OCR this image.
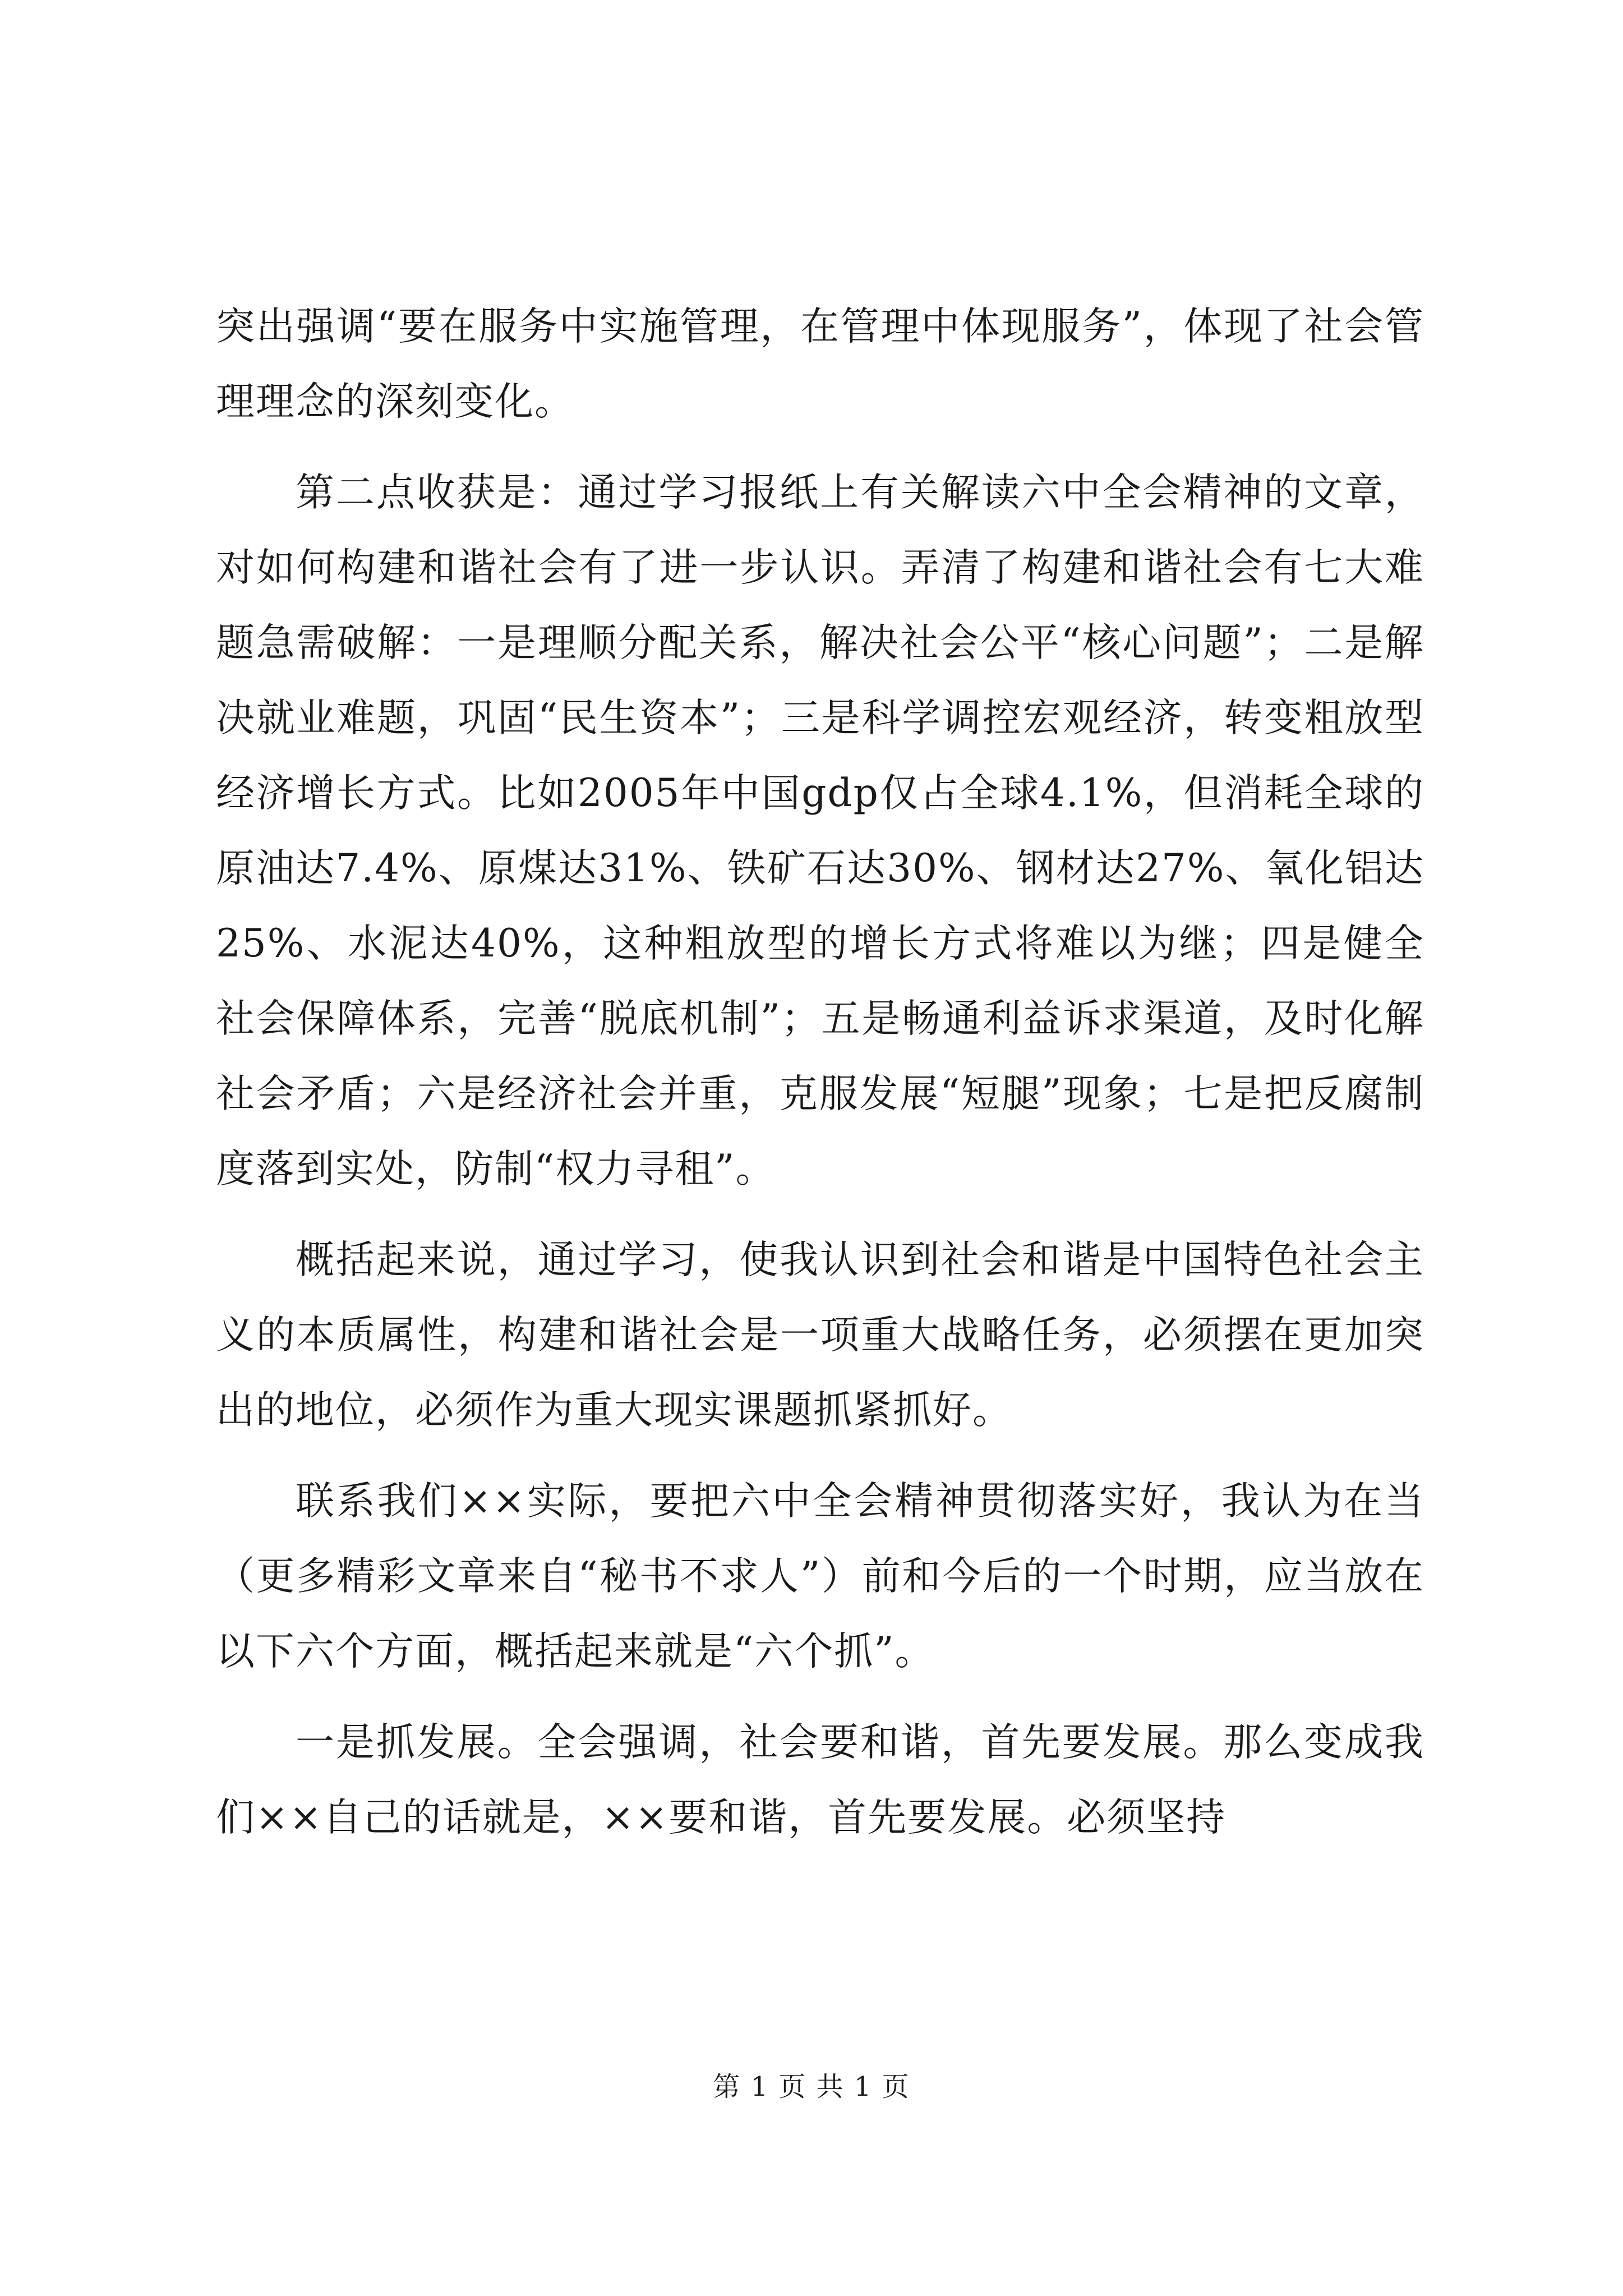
突出强调“要在服务中实施管理，在管理中体现服务”，体现了社会管理理念的深刻变化。

第二点收获是：通过学习报纸上有关解读六中全会精神的文章，对如何构建和谐社会有了进一步认识。弄清了构建和谐社会有七大难题急需破解：一是理顺分配关系，解决社会公平“核心问题”；二是解决就业难题，巩固“民生资本”；三是科学调控宏观经济，转变粗放型经济增长方式。比如2005年中国gdp仅占全球4.1%，但消耗全球的原油达7.4%、原煤达31%、铁矿石达30%、钢材达27%、氧化铝达25%、水泥达40%，这种粗放型的增长方式将难以为继；四是健全社会保障体系，完善“脱底机制”；五是畅通利益诉求渠道，及时化解社会矛盾；六是经济社会并重，克服发展“短腿”现象；七是把反腐制度落到实处，防制“权力寻租”。

概括起来说，通过学习，使我认识到社会和谐是中国特色社会主义的本质属性，构建和谐社会是一项重大战略任务，必须摆在更加突出的地位，必须作为重大现实课题抓紧抓好。

联系我们××实际，要把六中全会精神贯彻落实好，我认为在当（更多精彩文章来自“秘书不求人”）前和今后的一个时期，应当放在以下六个方面，概括起来就是“六个抓”。

一是抓发展。全会强调，社会要和谐，首先要发展。那么变成我们××自己的话就是，××要和谐，首先要发展。必须坚持

第 1 页 共 1 页
